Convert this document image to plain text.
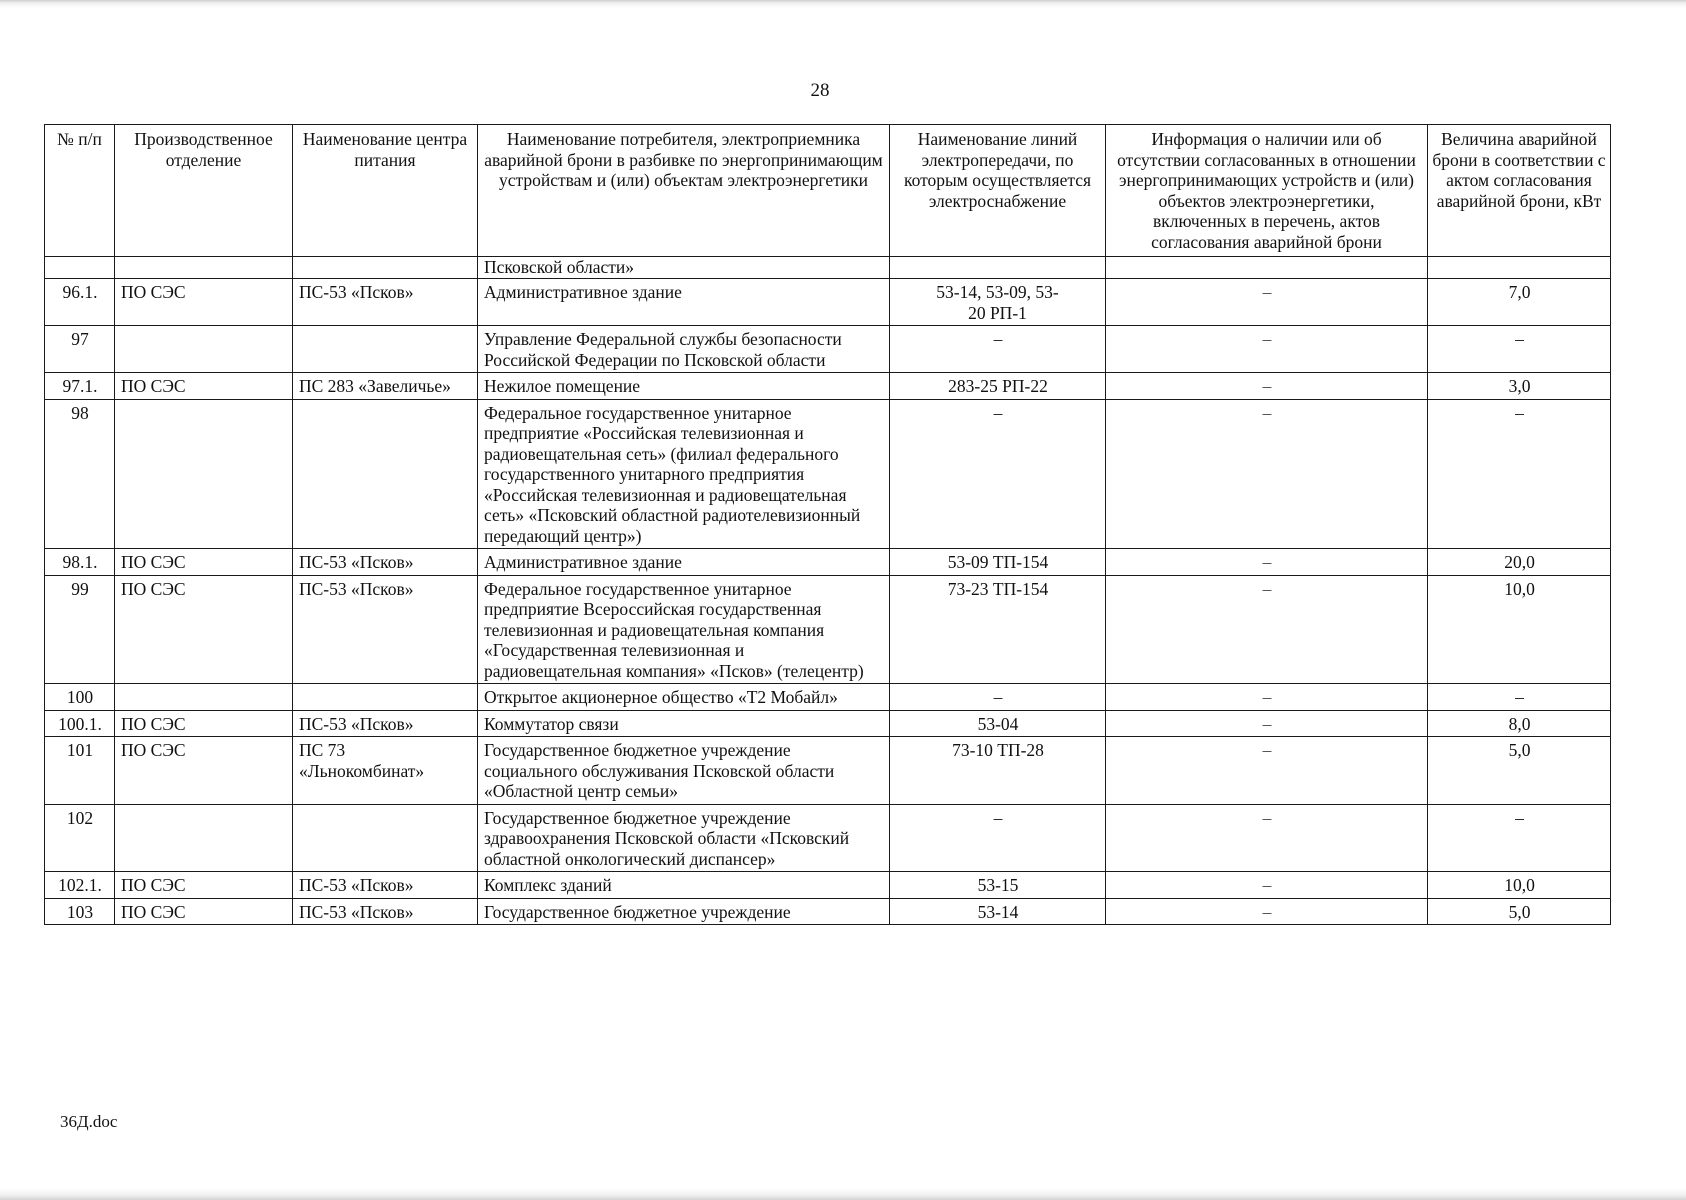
28
№ п/п	Производственное отделение	Наименование центра питания	Наименование потребителя, электроприемника аварийной брони в разбивке по энергопринимающим устройствам и (или) объектам электроэнергетики	Наименование линий электропередачи, по которым осуществляется электроснабжение	Информация о наличии или об отсутствии согласованных в отношении энергопринимающих устройств и (или) объектов электроэнергетики, включенных в перечень, актов согласования аварийной брони	Величина аварийной брони в соответствии с актом согласования аварийной брони, кВт
			Псковской области»			
96.1.	ПО СЭС	ПС-53 «Псков»	Административное здание	53-14, 53-09, 53-20 РП-1	–	7,0
97			Управление Федеральной службы безопасности Российской Федерации по Псковской области	–	–	–
97.1.	ПО СЭС	ПС 283 «Завеличье»	Нежилое помещение	283-25 РП-22	–	3,0
98			Федеральное государственное унитарное предприятие «Российская телевизионная и радиовещательная сеть» (филиал федерального государственного унитарного предприятия «Российская телевизионная и радиовещательная сеть» «Псковский областной радиотелевизионный передающий центр»)	–	–	–
98.1.	ПО СЭС	ПС-53 «Псков»	Административное здание	53-09 ТП-154	–	20,0
99	ПО СЭС	ПС-53 «Псков»	Федеральное государственное унитарное предприятие Всероссийская государственная телевизионная и радиовещательная компания «Государственная телевизионная и радиовещательная компания» «Псков» (телецентр)	73-23 ТП-154	–	10,0
100			Открытое акционерное общество «Т2 Мобайл»	–	–	–
100.1.	ПО СЭС	ПС-53 «Псков»	Коммутатор связи	53-04	–	8,0
101	ПО СЭС	ПС 73 «Льнокомбинат»	Государственное бюджетное учреждение социального обслуживания Псковской области «Областной центр семьи»	73-10 ТП-28	–	5,0
102			Государственное бюджетное учреждение здравоохранения Псковской области «Псковский областной онкологический диспансер»	–	–	–
102.1.	ПО СЭС	ПС-53 «Псков»	Комплекс зданий	53-15	–	10,0
103	ПО СЭС	ПС-53 «Псков»	Государственное бюджетное учреждение	53-14	–	5,0
36Д.doc
